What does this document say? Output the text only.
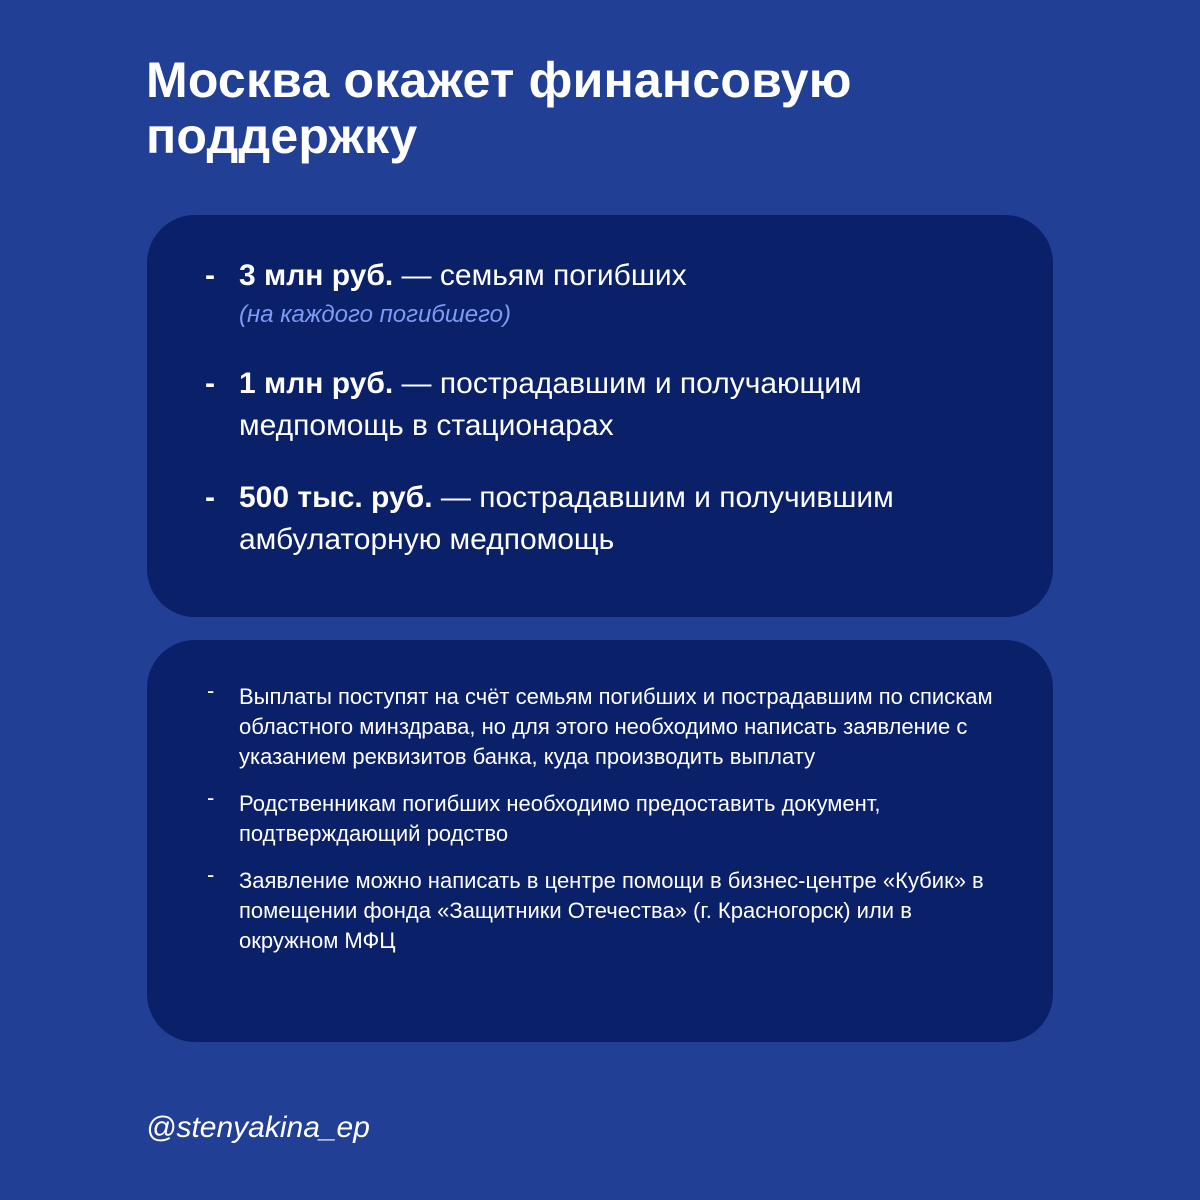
Москва окажет финансовую поддержку
- 3 млн руб. — семьям погибших
(на каждого погибшего)
- 1 млн руб. — пострадавшим и получающим медпомощь в стационарах
- 500 тыс. руб. — пострадавшим и получившим амбулаторную медпомощь
- Выплаты поступят на счёт семьям погибших и пострадавшим по спискам областного минздрава, но для этого необходимо написать заявление с указанием реквизитов банка, куда производить выплату
- Родственникам погибших необходимо предоставить документ, подтверждающий родство
- Заявление можно написать в центре помощи в бизнес-центре «Кубик» в помещении фонда «Защитники Отечества» (г. Красногорск) или в окружном МФЦ
@stenyakina_ep
